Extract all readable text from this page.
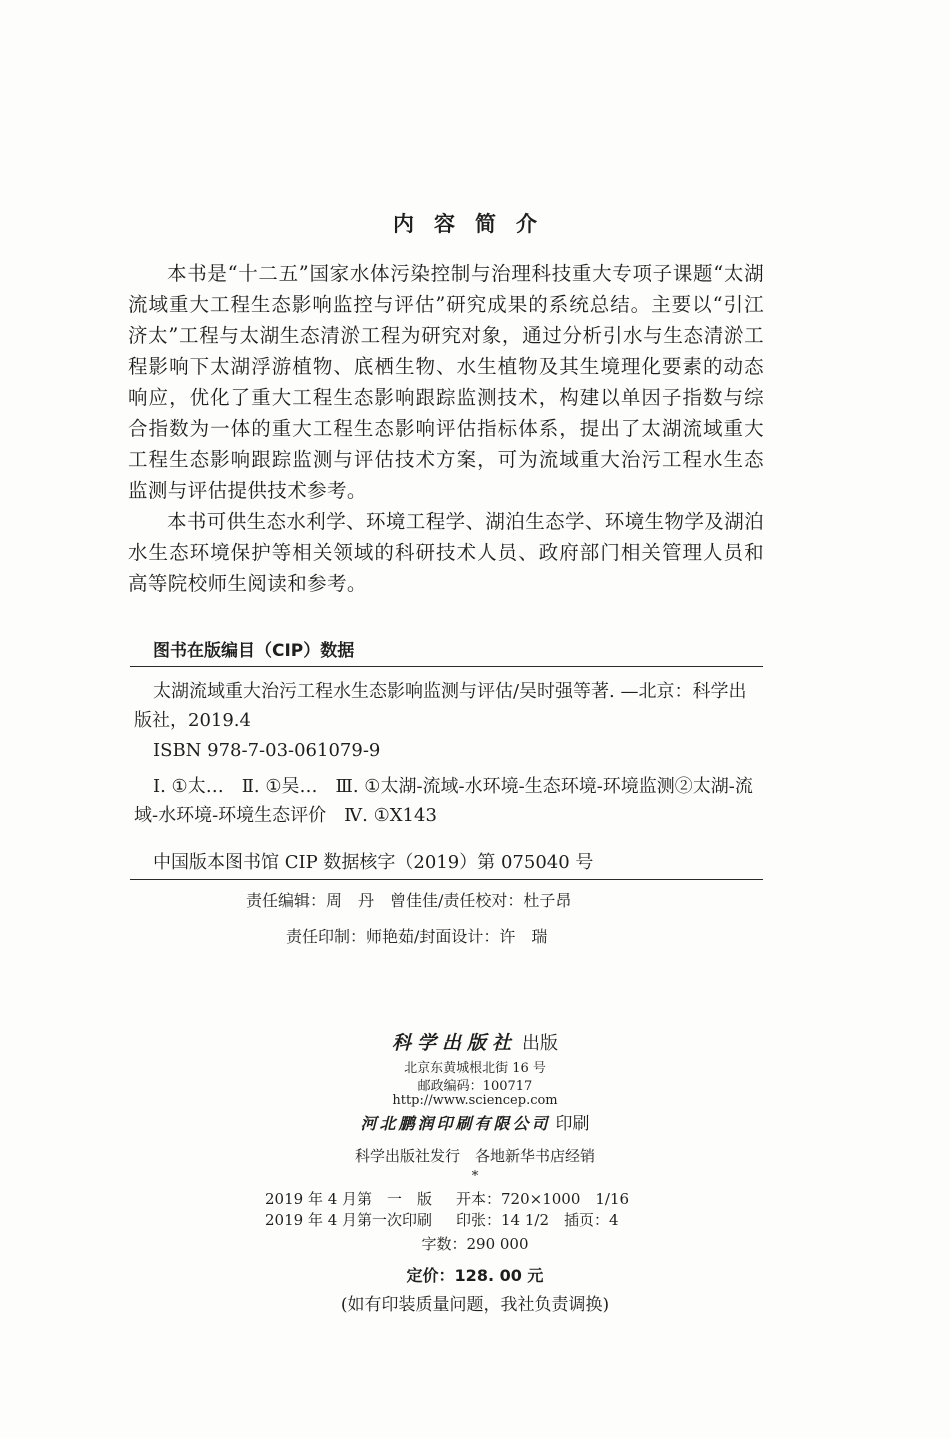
内容简介

本书是“十二五”国家水体污染控制与治理科技重大专项子课题“太湖流域重大工程生态影响监控与评估”研究成果的系统总结。主要以“引江济太”工程与太湖生态清淤工程为研究对象，通过分析引水与生态清淤工程影响下太湖浮游植物、底栖生物、水生植物及其生境理化要素的动态响应，优化了重大工程生态影响跟踪监测技术，构建以单因子指数与综合指数为一体的重大工程生态影响评估指标体系，提出了太湖流域重大工程生态影响跟踪监测与评估技术方案，可为流域重大治污工程水生态监测与评估提供技术参考。

本书可供生态水利学、环境工程学、湖泊生态学、环境生物学及湖泊水生态环境保护等相关领域的科研技术人员、政府部门相关管理人员和高等院校师生阅读和参考。

图书在版编目（CIP）数据
太湖流域重大治污工程水生态影响监测与评估/吴时强等著. —北京：科学出版社，2019.4
ISBN 978-7-03-061079-9
Ⅰ. ①太…　Ⅱ. ①吴…　Ⅲ. ①太湖-流域-水环境-生态环境-环境监测②太湖-流域-水环境-环境生态评价　Ⅳ. ①X143
中国版本图书馆 CIP 数据核字（2019）第 075040 号
责任编辑：周　丹　曾佳佳/责任校对：杜子昂
责任印制：师艳茹/封面设计：许　瑞
科学出版社 出版
北京东黄城根北街 16 号
邮政编码：100717
http://www.sciencep.com
河北鹏润印刷有限公司 印刷
科学出版社发行　各地新华书店经销
*
2019 年 4 月第　一　版 开本：720×1000　1/16
2019 年 4 月第一次印刷 印张：14 1/2　插页：4
字数：290 000
定价：128. 00 元
(如有印装质量问题，我社负责调换)
